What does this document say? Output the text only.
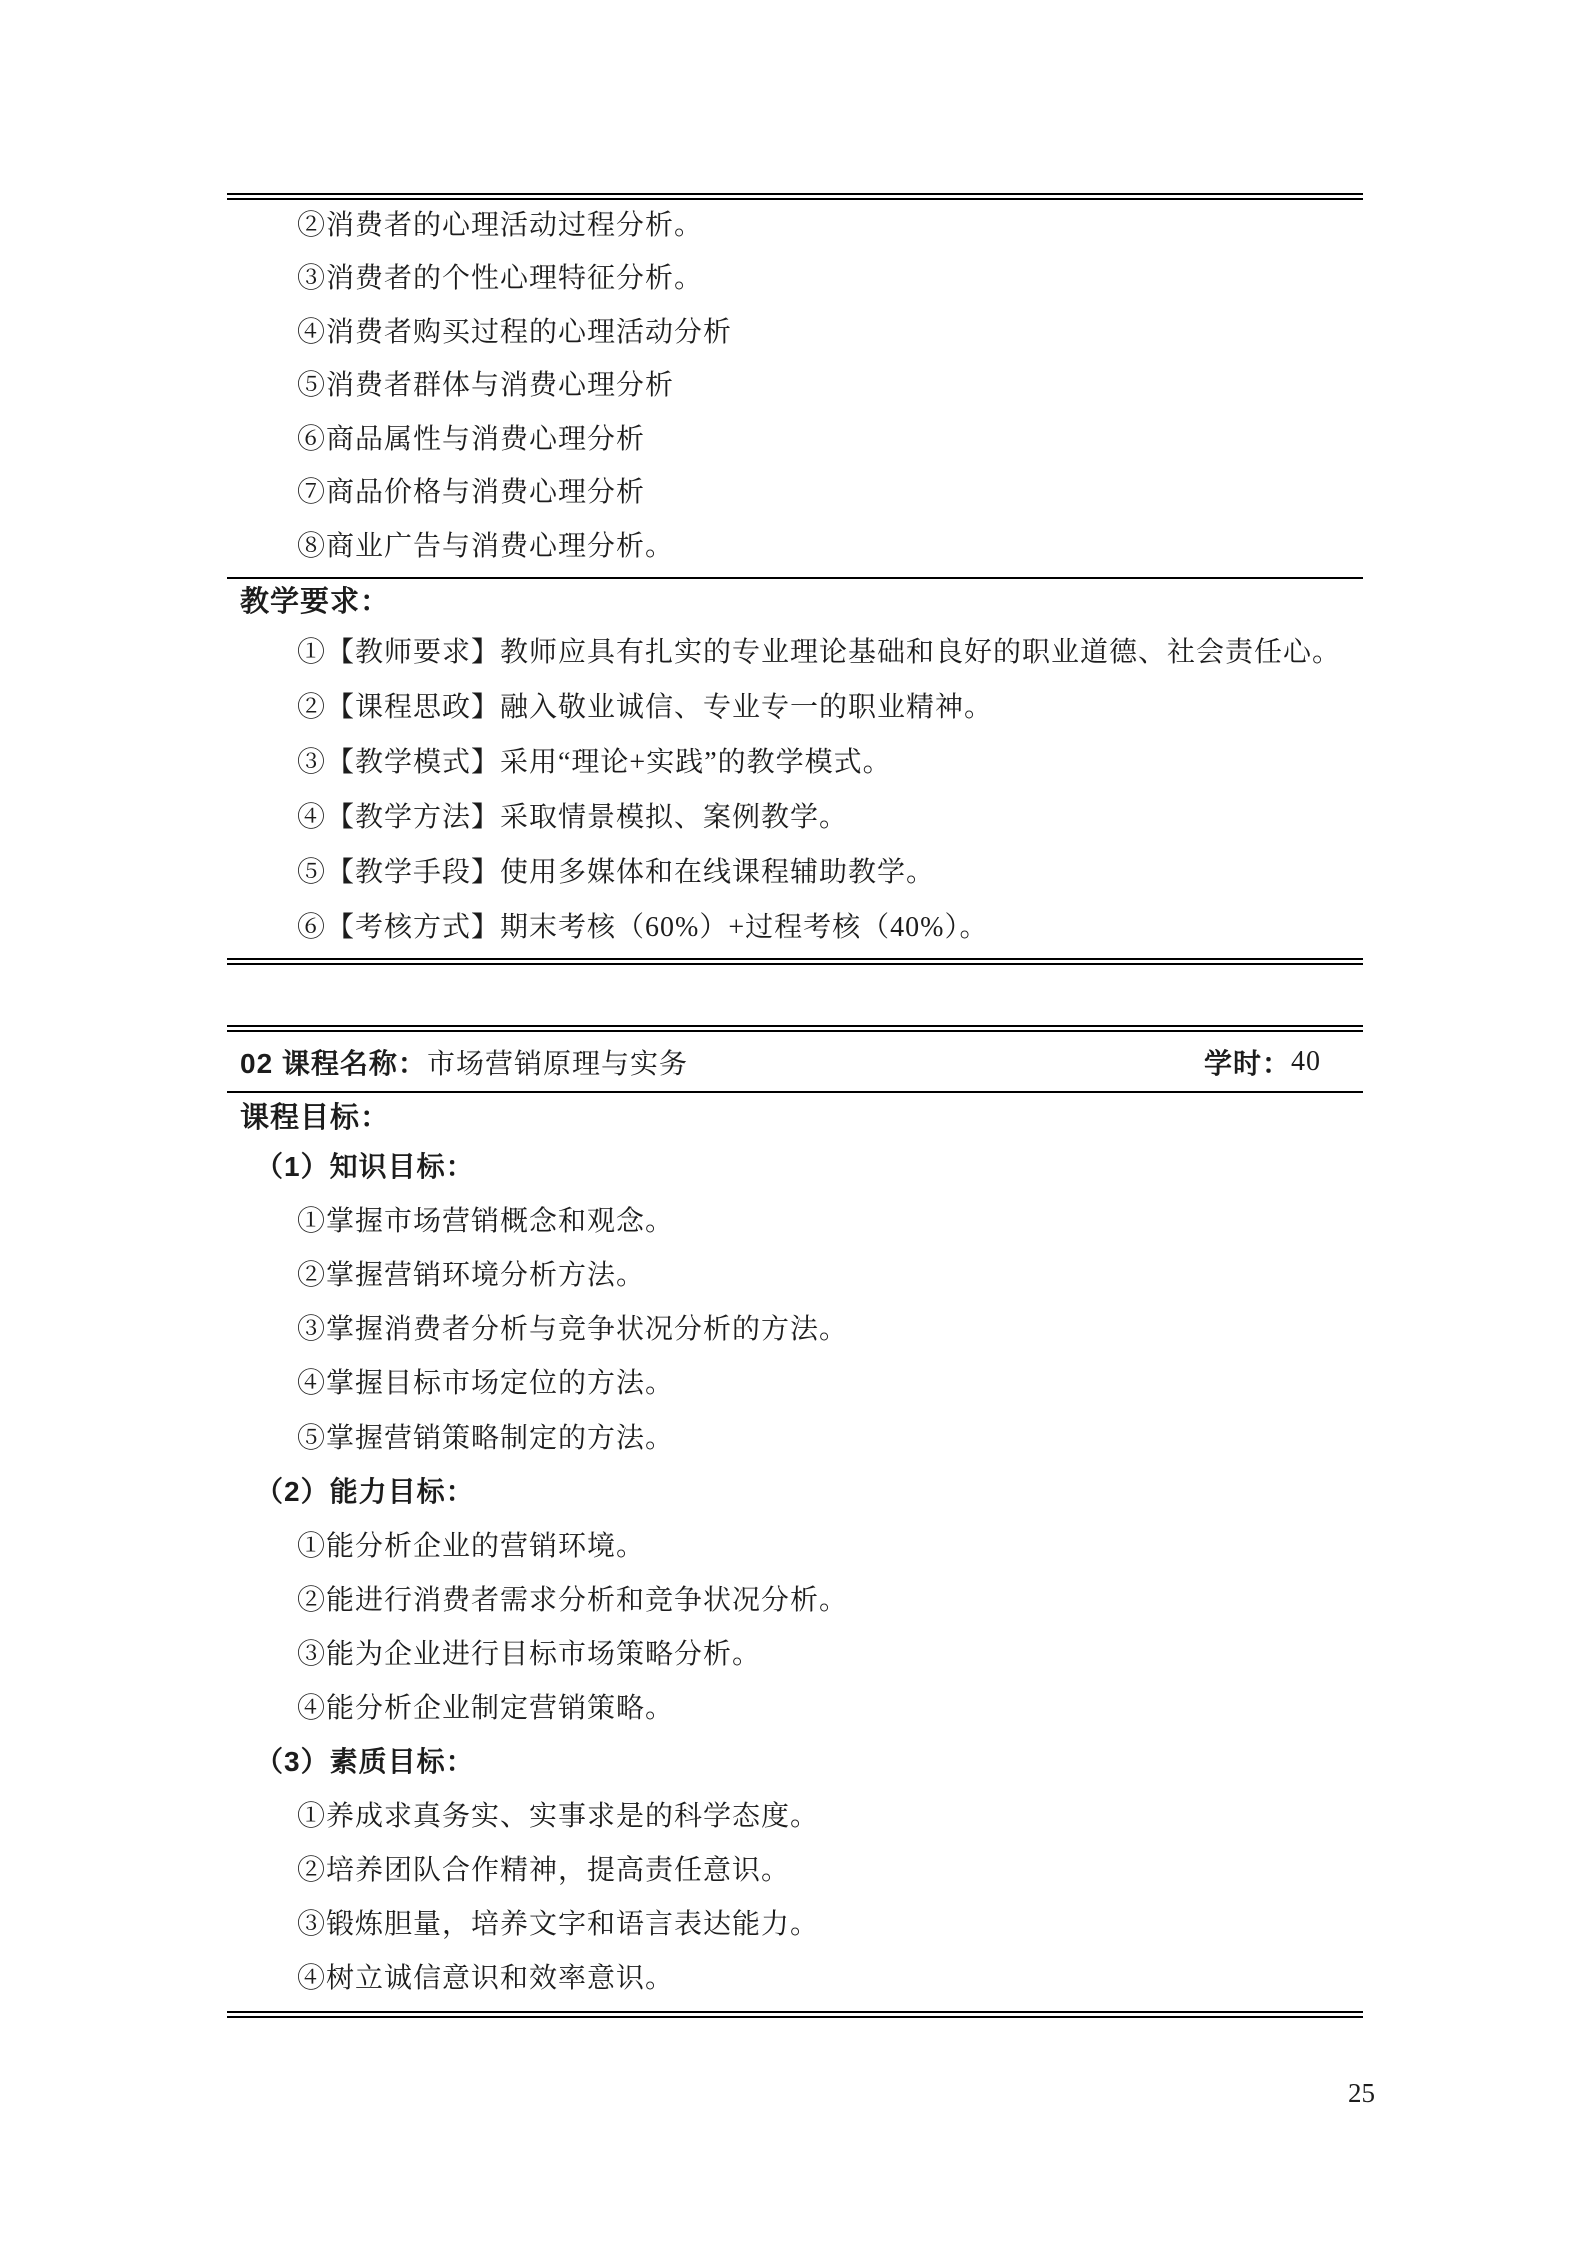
②消费者的心理活动过程分析。

③消费者的个性心理特征分析。

④消费者购买过程的心理活动分析

⑤消费者群体与消费心理分析

⑥商品属性与消费心理分析

⑦商品价格与消费心理分析

⑧商业广告与消费心理分析。

教学要求：

①【教师要求】教师应具有扎实的专业理论基础和良好的职业道德、社会责任心。

②【课程思政】融入敬业诚信、专业专一的职业精神。

③【教学模式】采用“理论+实践”的教学模式。

④【教学方法】采取情景模拟、案例教学。

⑤【教学手段】使用多媒体和在线课程辅助教学。

⑥【考核方式】期末考核（60%）+过程考核（40%）。

02 课程名称：市场营销原理与实务	学时： 40
课程目标：

（1）知识目标：

①掌握市场营销概念和观念。

②掌握营销环境分析方法。

③掌握消费者分析与竞争状况分析的方法。

④掌握目标市场定位的方法。

⑤掌握营销策略制定的方法。

（2）能力目标：

①能分析企业的营销环境。

②能进行消费者需求分析和竞争状况分析。

③能为企业进行目标市场策略分析。

④能分析企业制定营销策略。

（3）素质目标：

①养成求真务实、实事求是的科学态度。

②培养团队合作精神，提高责任意识。

③锻炼胆量，培养文字和语言表达能力。

④树立诚信意识和效率意识。

25
